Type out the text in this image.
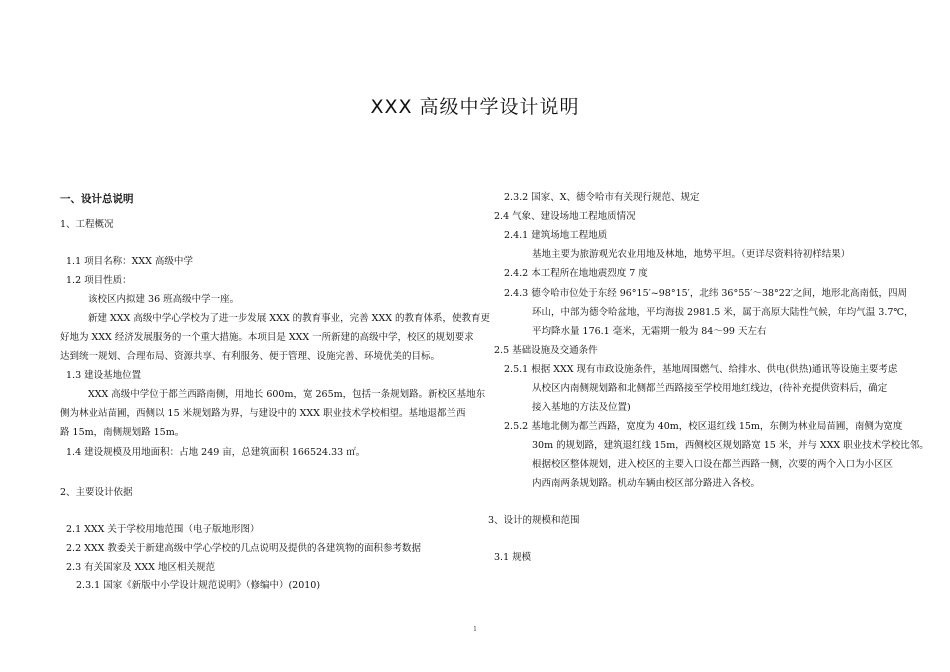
XXX 高级中学设计说明
一、设计总说明
1、工程概况
1.1 项目名称：XXX 高级中学
1.2 项目性质：
该校区内拟建 36 班高级中学一座。
新建 XXX 高级中学心学校为了进一步发展 XXX 的教育事业，完善 XXX 的教育体系，使教育更
好地为 XXX 经济发展服务的一个重大措施。本项目是 XXX 一所新建的高级中学，校区的规划要求
达到统一规划、合理布局、资源共享、有利服务、便于管理、设施完善、环境优美的目标。
1.3 建设基地位置
XXX 高级中学位于都兰西路南侧，用地长 600m，宽 265m，包括一条规划路。新校区基地东
侧为林业站苗圃，西侧以 15 米规划路为界，与建设中的 XXX 职业技术学校相望。基地退都兰西
路 15m，南侧规划路 15m。
1.4 建设规模及用地面积：占地 249 亩，总建筑面积 166524.33 ㎡。
2、主要设计依据
2.1 XXX 关于学校用地范围（电子版地形图）
2.2 XXX 教委关于新建高级中学心学校的几点说明及提供的各建筑物的面积参考数据
2.3 有关国家及 XXX 地区相关规范
2.3.1 国家《新版中小学设计规范说明》（修编中）(2010)
2.3.2 国家、X、德令哈市有关现行规范、规定
2.4 气象、建设场地工程地质情况
2.4.1 建筑场地工程地质
基地主要为旅游观光农业用地及林地，地势平坦。（更详尽资料待初样结果）
2.4.2 本工程所在地地震烈度 7 度
2.4.3 德令哈市位处于东经 96°15′~98°15′，北纬 36°55′～38°22′之间，地形北高南低，四周
环山，中部为德令哈盆地，平均海拔 2981.5 米，属于高原大陆性气候，年均气温 3.7℃，
平均降水量 176.1 毫米，无霜期一般为 84～99 天左右
2.5 基础设施及交通条件
2.5.1 根据 XXX 现有市政设施条件，基地周围燃气、给排水、供电(供热)通讯等设施主要考虑
从校区内南侧规划路和北侧都兰西路接至学校用地红线边，(待补充提供资料后，确定
接入基地的方法及位置)
2.5.2 基地北侧为都兰西路，宽度为 40m，校区退红线 15m，东侧为林业局苗圃，南侧为宽度
30m 的规划路，建筑退红线 15m，西侧校区规划路宽 15 米，并与 XXX 职业技术学校比邻。
根据校区整体规划，进入校区的主要入口设在都兰西路一侧，次要的两个入口为小区区
内西南两条规划路。机动车辆由校区部分路进入各校。
3、设计的规模和范围
3.1 规模
1
